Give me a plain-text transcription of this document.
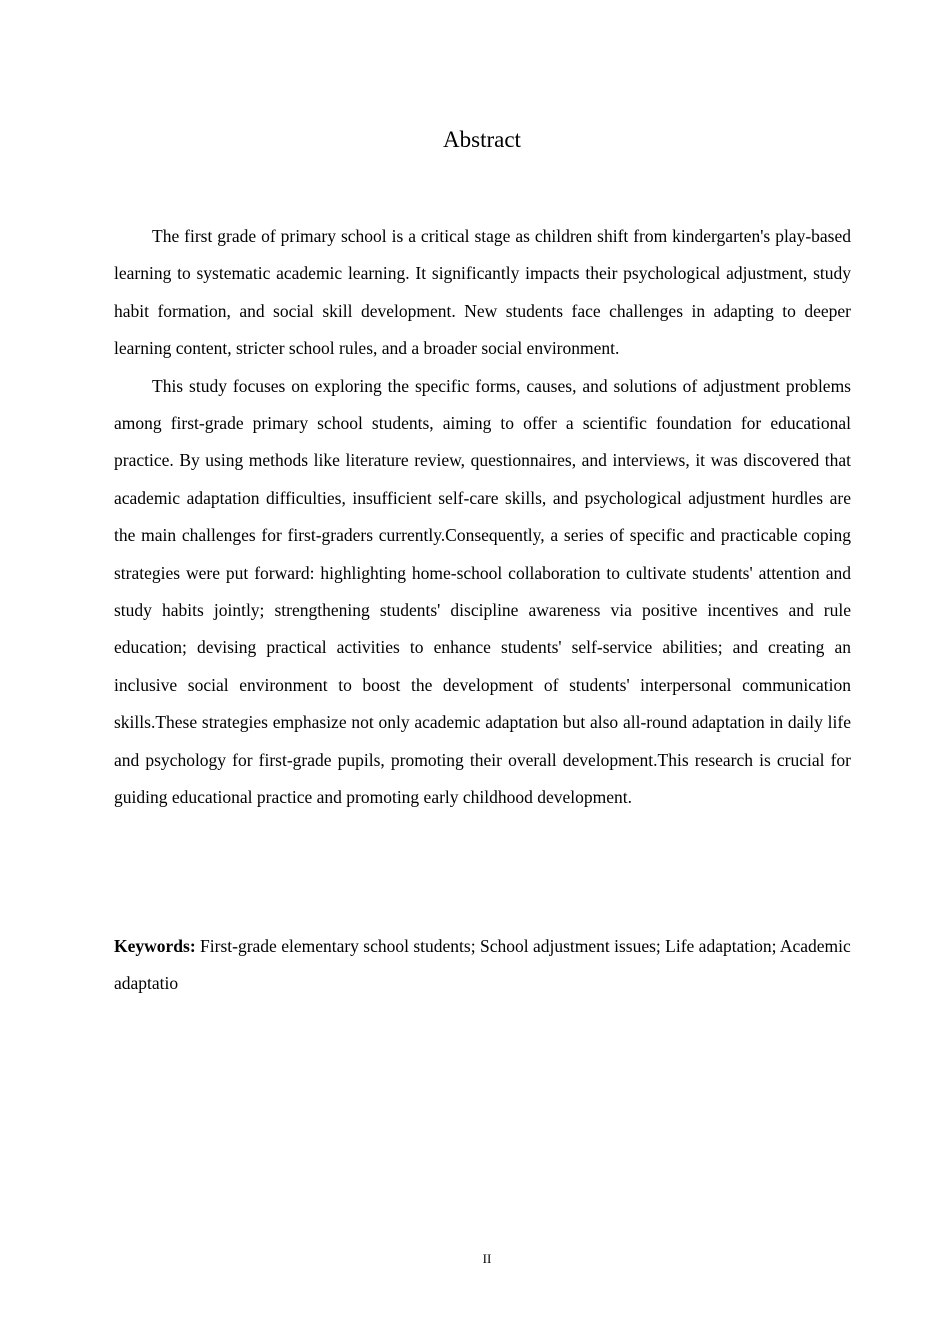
Abstract

The first grade of primary school is a critical stage as children shift from kindergarten's play-based learning to systematic academic learning. It significantly impacts their psychological adjustment, study habit formation, and social skill development. New students face challenges in adapting to deeper learning content, stricter school rules, and a broader social environment.

This study focuses on exploring the specific forms, causes, and solutions of adjustment problems among first-grade primary school students, aiming to offer a scientific foundation for educational practice. By using methods like literature review, questionnaires, and interviews, it was discovered that academic adaptation difficulties, insufficient self-care skills, and psychological adjustment hurdles are the main challenges for first-graders currently.Consequently, a series of specific and practicable coping strategies were put forward: highlighting home-school collaboration to cultivate students' attention and study habits jointly; strengthening students' discipline awareness via positive incentives and rule education; devising practical activities to enhance students' self-service abilities; and creating an inclusive social environment to boost the development of students' interpersonal communication skills.These strategies emphasize not only academic adaptation but also all-round adaptation in daily life and psychology for first-grade pupils, promoting their overall development.This research is crucial for guiding educational practice and promoting early childhood development.

Keywords: First-grade elementary school students; School adjustment issues; Life adaptation; Academic adaptatio

II
